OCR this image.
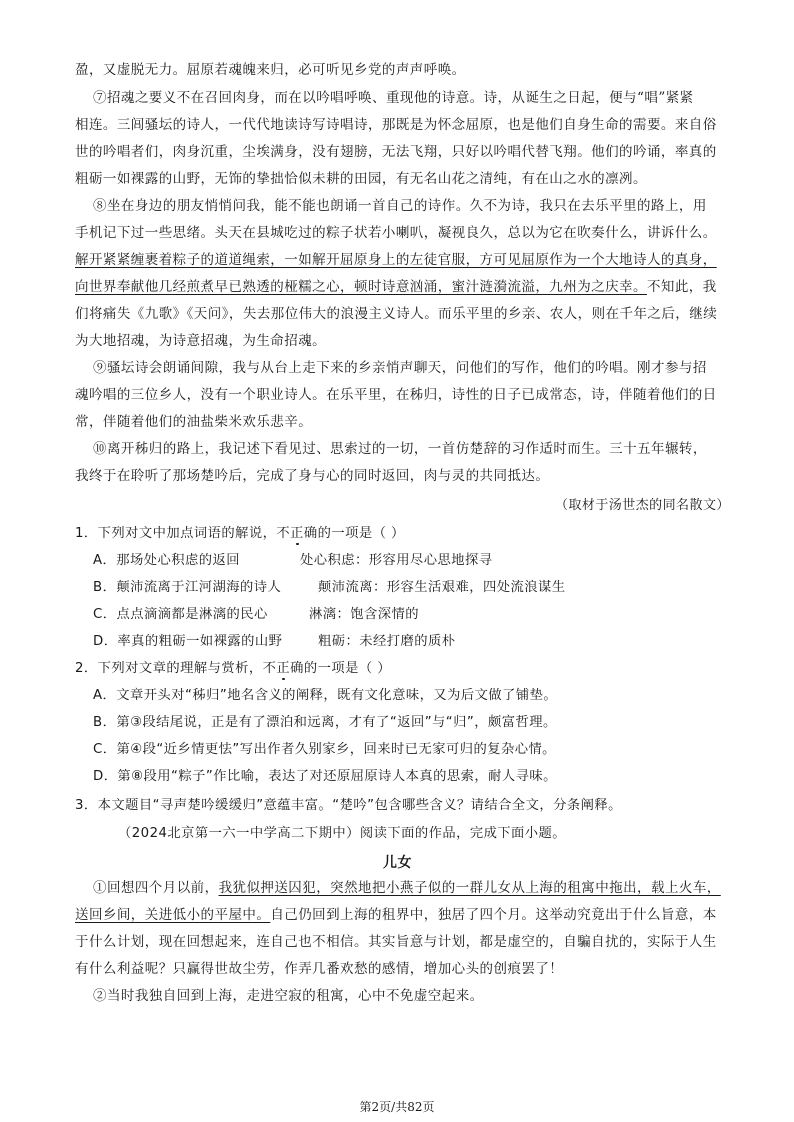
盈，又虚脱无力。屈原若魂魄来归，必可听见乡党的声声呼唤。
⑦招魂之要义不在召回肉身，而在以吟唱呼唤、重现他的诗意。诗，从诞生之日起，便与“唱”紧紧
相连。三闾骚坛的诗人，一代代地读诗写诗唱诗，那既是为怀念屈原，也是他们自身生命的需要。来自俗
世的吟唱者们，肉身沉重，尘埃满身，没有翅膀，无法飞翔，只好以吟唱代替飞翔。他们的吟诵，率真的
粗砺一如裸露的山野，无饰的挚拙恰似未耕的田园，有无名山花之清纯，有在山之水的凛冽。
⑧坐在身边的朋友悄悄问我，能不能也朗诵一首自己的诗作。久不为诗，我只在去乐平里的路上，用
手机记下过一些思绪。头天在县城吃过的粽子状若小喇叭，凝视良久，总以为它在吹奏什么，讲诉什么。
解开紧紧缠裹着粽子的道道绳索，一如解开屈原身上的左徒官服，方可见屈原作为一个大地诗人的真身，
向世界奉献他几经煎煮早已熟透的桠糯之心，顿时诗意汹涌，蜜汁涟漪流溢，九州为之庆幸。不知此，我
们将痛失《九歌》《天问》，失去那位伟大的浪漫主义诗人。而乐平里的乡亲、农人，则在千年之后，继续
为大地招魂，为诗意招魂，为生命招魂。
⑨骚坛诗会朗诵间隙，我与从台上走下来的乡亲悄声聊天，问他们的写作，他们的吟唱。刚才参与招
魂吟唱的三位乡人，没有一个职业诗人。在乐平里，在秭归，诗性的日子已成常态，诗，伴随着他们的日
常，伴随着他们的油盐柴米欢乐悲辛。
⑩离开秭归的路上，我记述下看见过、思索过的一切，一首仿楚辞的习作适时而生。三十五年辗转，
我终于在聆听了那场楚吟后，完成了身与心的同时返回，肉与灵的共同抵达。
（取材于汤世杰的同名散文）
1．下列对文中加点词语的解说，不正确的一项是（ ）
A．那场处心积虑的返回	处心积虑：形容用尽心思地探寻
B．颠沛流离于江河湖海的诗人	颠沛流离：形容生活艰难，四处流浪谋生
C．点点滴滴都是淋漓的民心	淋漓：饱含深情的
D．率真的粗砺一如裸露的山野	粗砺：未经打磨的质朴
2．下列对文章的理解与赏析，不正确的一项是（ ）
A．文章开头对“秭归”地名含义的阐释，既有文化意味，又为后文做了铺垫。
B．第③段结尾说，正是有了漂泊和远离，才有了“返回”与“归”，颇富哲理。
C．第④段“近乡情更怯”写出作者久别家乡，回来时已无家可归的复杂心情。
D．第⑧段用“粽子”作比喻，表达了对还原屈原诗人本真的思索，耐人寻味。
3．本文题目“寻声楚吟缓缓归”意蕴丰富。“楚吟”包含哪些含义？请结合全文，分条阐释。
（2024北京第一六一中学高二下期中）阅读下面的作品，完成下面小题。
儿女
①回想四个月以前，我犹似押送囚犯，突然地把小燕子似的一群儿女从上海的租寓中拖出，载上火车，
送回乡间，关进低小的平屋中。自己仍回到上海的租界中，独居了四个月。这举动究竟出于什么旨意，本
于什么计划，现在回想起来，连自己也不相信。其实旨意与计划，都是虚空的，自騙自扰的，实际于人生
有什么利益呢？只赢得世故尘劳，作弄几番欢愁的感情，增加心头的创痕罢了！
②当时我独自回到上海，走进空寂的租寓，心中不免虚空起来。
第2页/共82页
